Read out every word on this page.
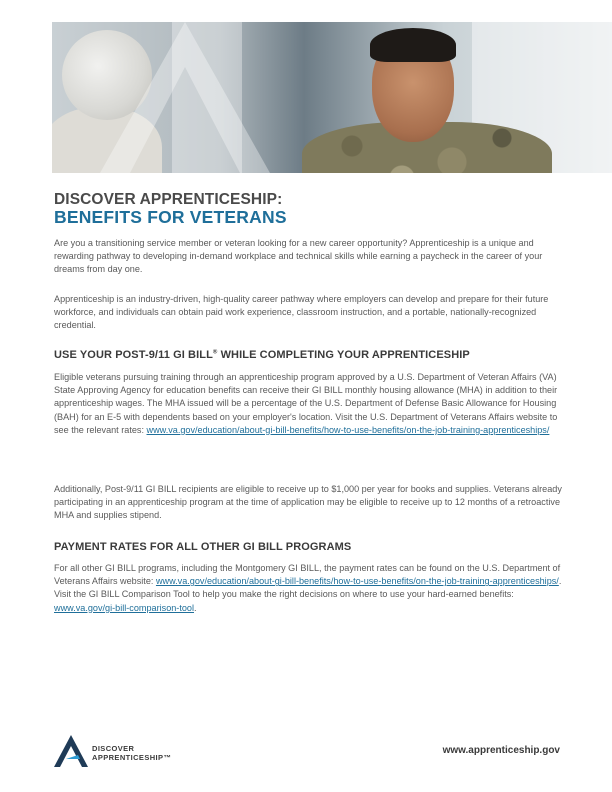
DISCOVER APPRENTICESHIP:
BENEFITS FOR VETERANS

Are you a transitioning service member or veteran looking for a new career opportunity? Apprenticeship is a unique and rewarding pathway to developing in-demand workplace and technical skills while earning a paycheck in the career of your dreams from day one.

Apprenticeship is an industry-driven, high-quality career pathway where employers can develop and prepare for their future workforce, and individuals can obtain paid work experience, classroom instruction, and a portable, nationally-recognized credential.

USE YOUR POST-9/11 GI BILL® WHILE COMPLETING YOUR APPRENTICESHIP

Eligible veterans pursuing training through an apprenticeship program approved by a U.S. Department of Veteran Affairs (VA) State Approving Agency for education benefits can receive their GI BILL monthly housing allowance (MHA) in addition to their apprenticeship wages. The MHA issued will be a percentage of the U.S. Department of Defense Basic Allowance for Housing (BAH) for an E-5 with dependents based on your employer's location. Visit the U.S. Department of Veterans Affairs website to see the relevant rates: www.va.gov/education/about-gi-bill-benefits/how-to-use-benefits/on-the-job-training-apprenticeships/

Additionally, Post-9/11 GI BILL recipients are eligible to receive up to $1,000 per year for books and supplies. Veterans already participating in an apprenticeship program at the time of application may be eligible to receive up to 12 months of a retroactive MHA and supplies stipend.

PAYMENT RATES FOR ALL OTHER GI BILL PROGRAMS

For all other GI BILL programs, including the Montgomery GI BILL, the payment rates can be found on the U.S. Department of Veterans Affairs website: www.va.gov/education/about-gi-bill-benefits/how-to-use-benefits/on-the-job-training-apprenticeships/. Visit the GI BILL Comparison Tool to help you make the right decisions on where to use your hard-earned benefits: www.va.gov/gi-bill-comparison-tool.

DISCOVER
APPRENTICESHIP™
www.apprenticeship.gov
